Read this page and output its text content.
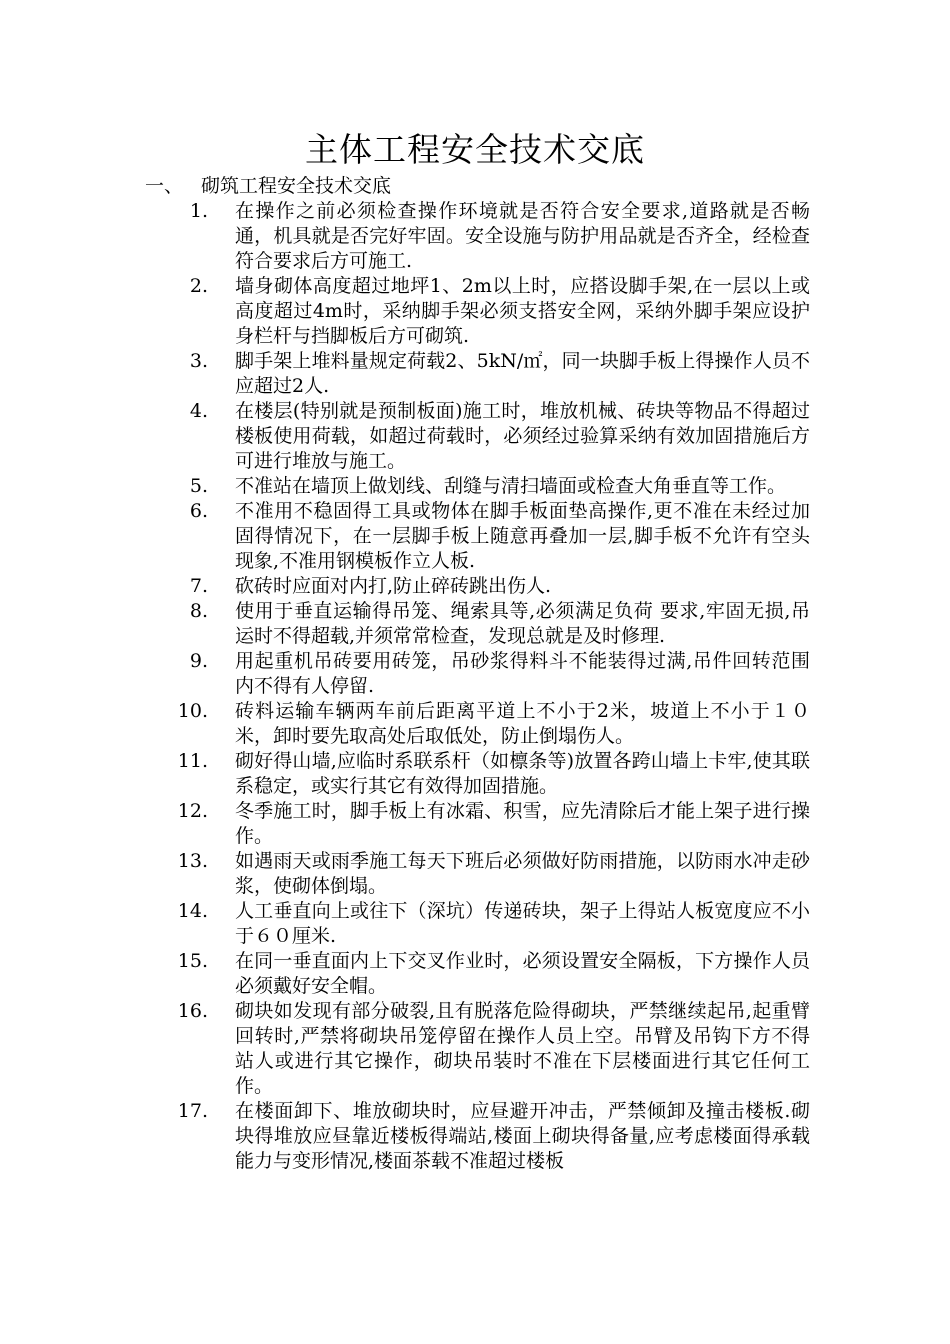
主体工程安全技术交底
一、 砌筑工程安全技术交底
1. 在操作之前必须检查操作环境就是否符合安全要求,道路就是否畅通，机具就是否完好牢固。安全设施与防护用品就是否齐全，经检查符合要求后方可施工.
2. 墙身砌体高度超过地坪1、2m以上时，应搭设脚手架,在一层以上或高度超过4m时，采纳脚手架必须支搭安全网，采纳外脚手架应设护身栏杆与挡脚板后方可砌筑.
3. 脚手架上堆料量规定荷载2、5kN/㎡，同一块脚手板上得操作人员不应超过2人.
4. 在楼层(特别就是预制板面)施工时，堆放机械、砖块等物品不得超过楼板使用荷载，如超过荷载时，必须经过验算采纳有效加固措施后方可进行堆放与施工。
5. 不准站在墙顶上做划线、刮缝与清扫墙面或检查大角垂直等工作。
6. 不准用不稳固得工具或物体在脚手板面垫高操作,更不准在未经过加固得情况下，在一层脚手板上随意再叠加一层,脚手板不允许有空头现象,不准用钢模板作立人板.
7. 砍砖时应面对内打,防止碎砖跳出伤人.
8. 使用于垂直运输得吊笼、绳索具等,必须满足负荷 要求,牢固无损,吊运时不得超载,并须常常检查，发现总就是及时修理.
9. 用起重机吊砖要用砖笼，吊砂浆得料斗不能装得过满,吊件回转范围内不得有人停留.
10. 砖料运输车辆两车前后距离平道上不小于2米，坡道上不小于１０米，卸时要先取高处后取低处，防止倒塌伤人。
11. 砌好得山墙,应临时系联系杆（如檩条等)放置各跨山墙上卡牢,使其联系稳定，或实行其它有效得加固措施。
12. 冬季施工时，脚手板上有冰霜、积雪，应先清除后才能上架子进行操作。
13. 如遇雨天或雨季施工每天下班后必须做好防雨措施，以防雨水冲走砂浆，使砌体倒塌。
14. 人工垂直向上或往下（深坑）传递砖块，架子上得站人板宽度应不小于６０厘米.
15. 在同一垂直面内上下交叉作业时，必须设置安全隔板，下方操作人员必须戴好安全帽。
16. 砌块如发现有部分破裂,且有脱落危险得砌块，严禁继续起吊,起重臂回转时,严禁将砌块吊笼停留在操作人员上空。吊臂及吊钩下方不得站人或进行其它操作，砌块吊装时不准在下层楼面进行其它任何工作。
17. 在楼面卸下、堆放砌块时，应昼避开冲击，严禁倾卸及撞击楼板.砌块得堆放应昼靠近楼板得端站,楼面上砌块得备量,应考虑楼面得承载能力与变形情况,楼面茶载不准超过楼板
